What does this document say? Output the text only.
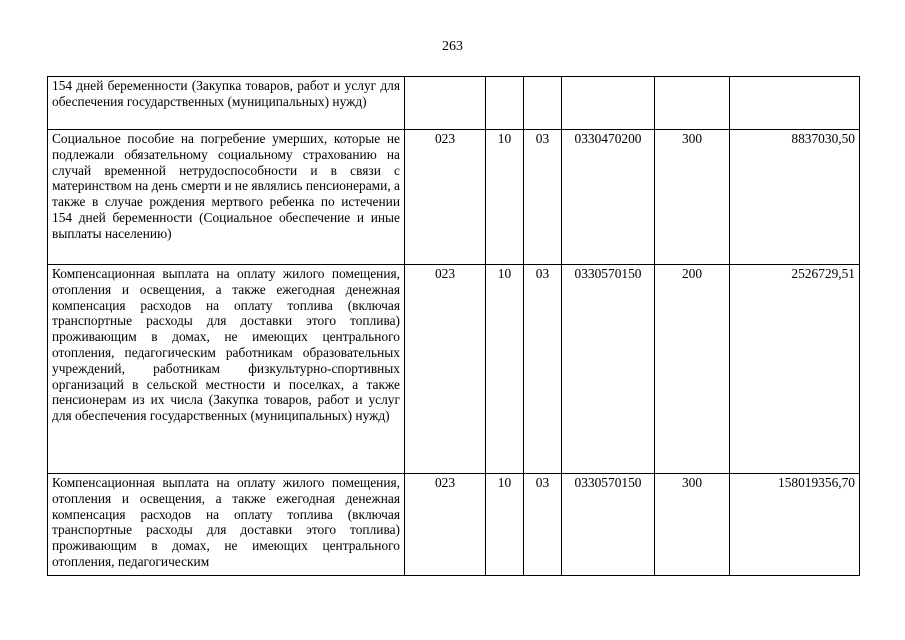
263
154 дней беременности (Закупка товаров, работ и услуг для обеспечения государственных (муниципальных) нужд)						
Социальное пособие на погребение умерших, которые не подлежали обязательному социальному страхованию на случай временной нетрудоспособности и в связи с материнством на день смерти и не являлись пенсионерами, а также в случае рождения мертвого ребенка по истечении 154 дней беременности (Социальное обеспечение и иные выплаты населению)	023	10	03	0330470200	300	8837030,50
Компенсационная выплата на оплату жилого помещения, отопления и освещения, а также ежегодная денежная компенсация расходов на оплату топлива (включая транспортные расходы для доставки этого топлива) проживающим в домах, не имеющих центрального отопления, педагогическим работникам образовательных учреждений, работникам физкультурно-спортивных организаций в сельской местности и поселках, а также пенсионерам из их числа (Закупка товаров, работ и услуг для обеспечения государственных (муниципальных) нужд)	023	10	03	0330570150	200	2526729,51

Компенсационная выплата на оплату жилого помещения, отопления и освещения, а также ежегодная денежная компенсация расходов на оплату топлива (включая транспортные расходы для доставки этого топлива) проживающим в домах, не имеющих центрального отопления, педагогическим	023	10	03	0330570150	300	158019356,70
